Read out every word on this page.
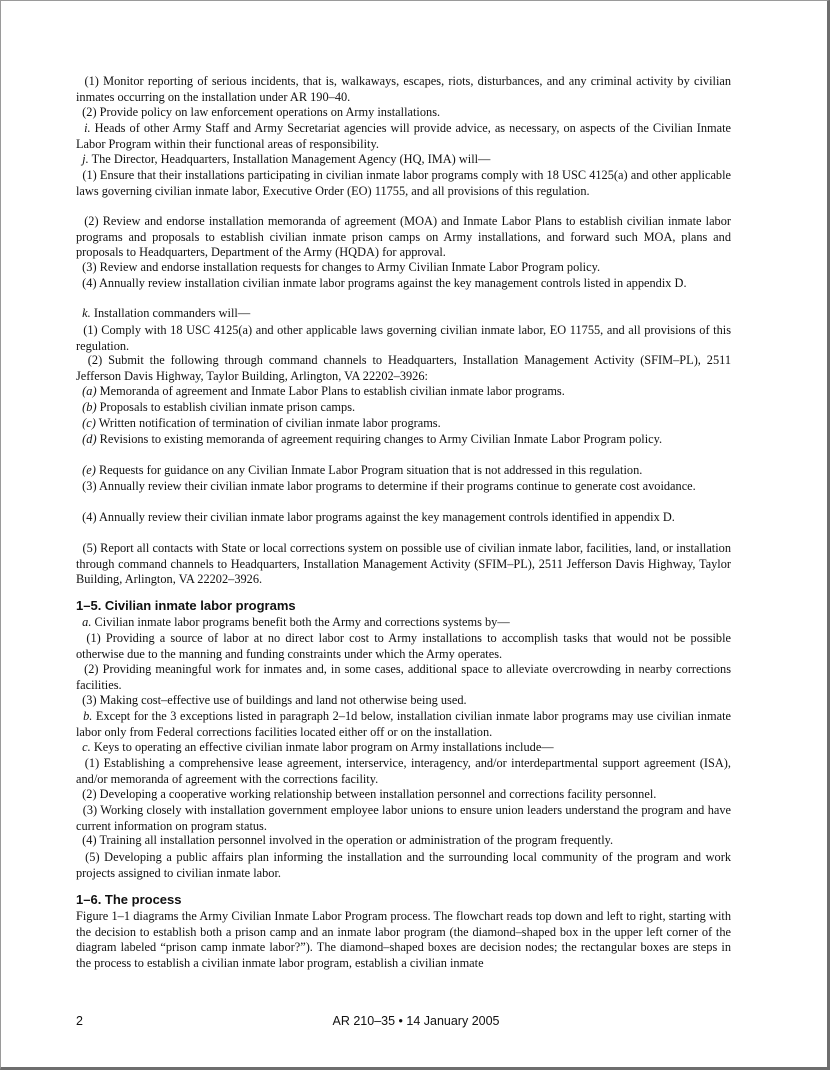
(1) Monitor reporting of serious incidents, that is, walkaways, escapes, riots, disturbances, and any criminal activity by civilian inmates occurring on the installation under AR 190–40.
(2) Provide policy on law enforcement operations on Army installations.
i. Heads of other Army Staff and Army Secretariat agencies will provide advice, as necessary, on aspects of the Civilian Inmate Labor Program within their functional areas of responsibility.
j. The Director, Headquarters, Installation Management Agency (HQ, IMA) will—
(1) Ensure that their installations participating in civilian inmate labor programs comply with 18 USC 4125(a) and other applicable laws governing civilian inmate labor, Executive Order (EO) 11755, and all provisions of this regulation.
(2) Review and endorse installation memoranda of agreement (MOA) and Inmate Labor Plans to establish civilian inmate labor programs and proposals to establish civilian inmate prison camps on Army installations, and forward such MOA, plans and proposals to Headquarters, Department of the Army (HQDA) for approval.
(3) Review and endorse installation requests for changes to Army Civilian Inmate Labor Program policy.
(4) Annually review installation civilian inmate labor programs against the key management controls listed in appendix D.
k. Installation commanders will—
(1) Comply with 18 USC 4125(a) and other applicable laws governing civilian inmate labor, EO 11755, and all provisions of this regulation.
(2) Submit the following through command channels to Headquarters, Installation Management Activity (SFIM–PL), 2511 Jefferson Davis Highway, Taylor Building, Arlington, VA 22202–3926:
(a) Memoranda of agreement and Inmate Labor Plans to establish civilian inmate labor programs.
(b) Proposals to establish civilian inmate prison camps.
(c) Written notification of termination of civilian inmate labor programs.
(d) Revisions to existing memoranda of agreement requiring changes to Army Civilian Inmate Labor Program policy.
(e) Requests for guidance on any Civilian Inmate Labor Program situation that is not addressed in this regulation.
(3) Annually review their civilian inmate labor programs to determine if their programs continue to generate cost avoidance.
(4) Annually review their civilian inmate labor programs against the key management controls identified in appendix D.
(5) Report all contacts with State or local corrections system on possible use of civilian inmate labor, facilities, land, or installation through command channels to Headquarters, Installation Management Activity (SFIM–PL), 2511 Jefferson Davis Highway, Taylor Building, Arlington, VA 22202–3926.
1–5. Civilian inmate labor programs
a. Civilian inmate labor programs benefit both the Army and corrections systems by—
(1) Providing a source of labor at no direct labor cost to Army installations to accomplish tasks that would not be possible otherwise due to the manning and funding constraints under which the Army operates.
(2) Providing meaningful work for inmates and, in some cases, additional space to alleviate overcrowding in nearby corrections facilities.
(3) Making cost–effective use of buildings and land not otherwise being used.
b. Except for the 3 exceptions listed in paragraph 2–1d below, installation civilian inmate labor programs may use civilian inmate labor only from Federal corrections facilities located either off or on the installation.
c. Keys to operating an effective civilian inmate labor program on Army installations include—
(1) Establishing a comprehensive lease agreement, interservice, interagency, and/or interdepartmental support agreement (ISA), and/or memoranda of agreement with the corrections facility.
(2) Developing a cooperative working relationship between installation personnel and corrections facility personnel.
(3) Working closely with installation government employee labor unions to ensure union leaders understand the program and have current information on program status.
(4) Training all installation personnel involved in the operation or administration of the program frequently.
(5) Developing a public affairs plan informing the installation and the surrounding local community of the program and work projects assigned to civilian inmate labor.
1–6. The process
Figure 1–1 diagrams the Army Civilian Inmate Labor Program process. The flowchart reads top down and left to right, starting with the decision to establish both a prison camp and an inmate labor program (the diamond–shaped box in the upper left corner of the diagram labeled “prison camp inmate labor?”). The diamond–shaped boxes are decision nodes; the rectangular boxes are steps in the process to establish a civilian inmate labor program, establish a civilian inmate
2	AR 210–35 • 14 January 2005
